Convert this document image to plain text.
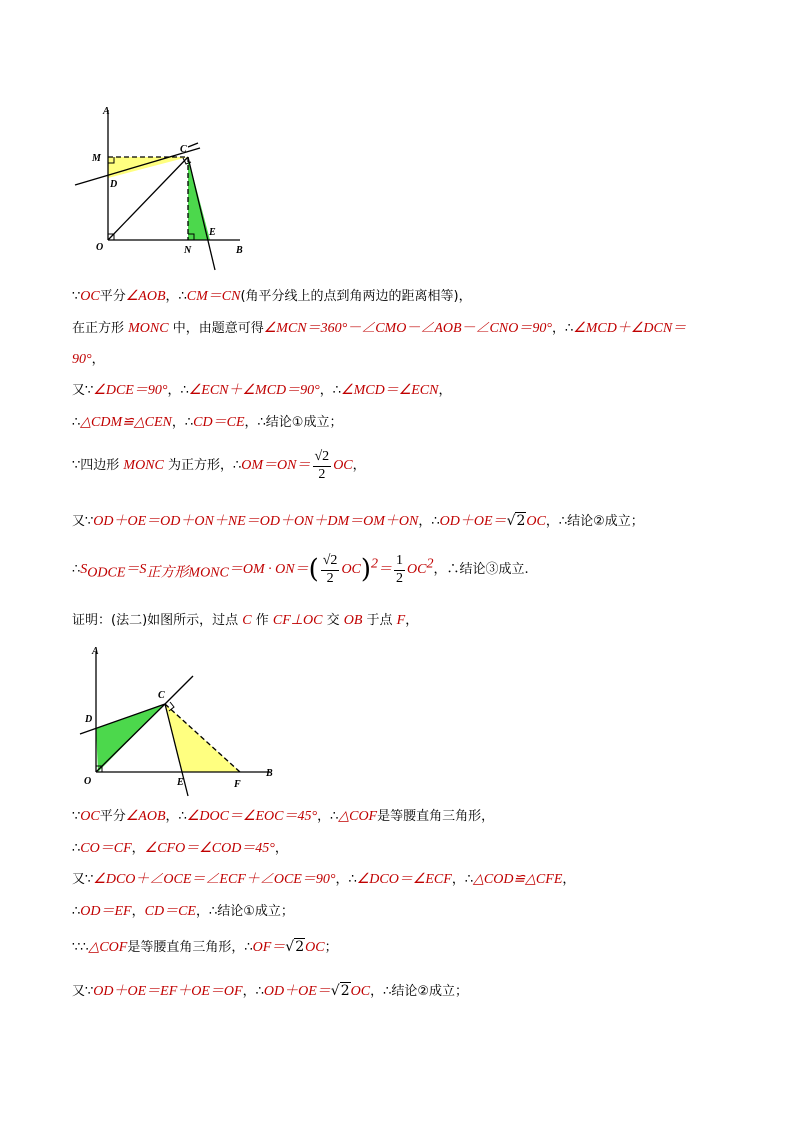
A
M
C
D
O	N
E
B
∵OC平分∠AOB，∴CM＝CN(角平分线上的点到角两边的距离相等)，
在正方形 MONC 中，由题意可得∠MCN＝360°－∠CMO－∠AOB－∠CNO＝90°，∴∠MCD＋∠DCN＝
90°，
又∵∠DCE＝90°，∴∠ECN＋∠MCD＝90°，∴∠MCD＝∠ECN，
∴△CDM≌△CEN，∴CD＝CE，∴结论①成立；
∵四边形 MONC 为正方形，∴OM＝ON＝ $\frac{√2}{2}$ OC，
又∵OD＋OE＝OD＋ON＋NE＝OD＋ON＋DM＝OM＋ON，∴OD＋OE＝√2OC，∴结论②成立；
$\therefore S_{ODCE}=S_{正方形MONC}=OM \cdot ON=( \frac{√2}{2} OC)^2= \frac{1}{2} OC^2$，∴结论③成立.
证明：(法二)如图所示，过点 C 作 CF⊥OC 交 OB 于点 F，
A
D
C
O	E	F
B
∵OC平分∠AOB，∴∠DOC＝∠EOC＝45°，∴△COF是等腰直角三角形，
∴CO＝CF，∠CFO＝∠COD＝45°，
又∵∠DCO＋∠OCE＝∠ECF＋∠OCE＝90°，∴∠DCO＝∠ECF，∴△COD≌△CFE，
∴OD＝EF，CD＝CE，∴结论①成立；
∵∴△COF是等腰直角三角形，∴OF＝√2OC；
又∵OD＋OE＝EF＋OE＝OF，∴OD＋OE＝√2OC，∴结论②成立；
